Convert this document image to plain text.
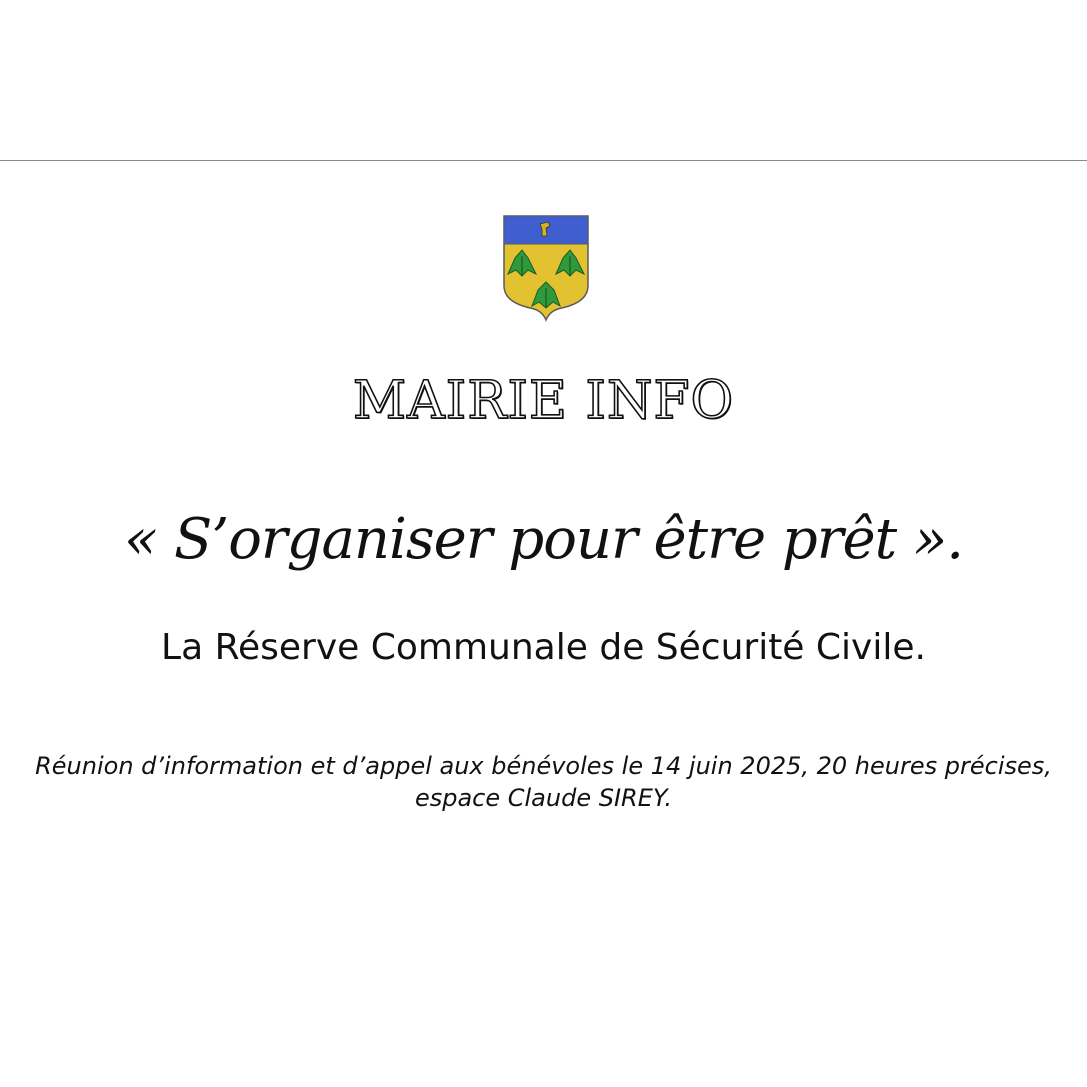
MAIRIE INFO
« S’organiser pour être prêt ».
La Réserve Communale de Sécurité Civile.
Réunion d’information et d’appel aux bénévoles le 14 juin 2025, 20 heures précises,
espace Claude SIREY.
